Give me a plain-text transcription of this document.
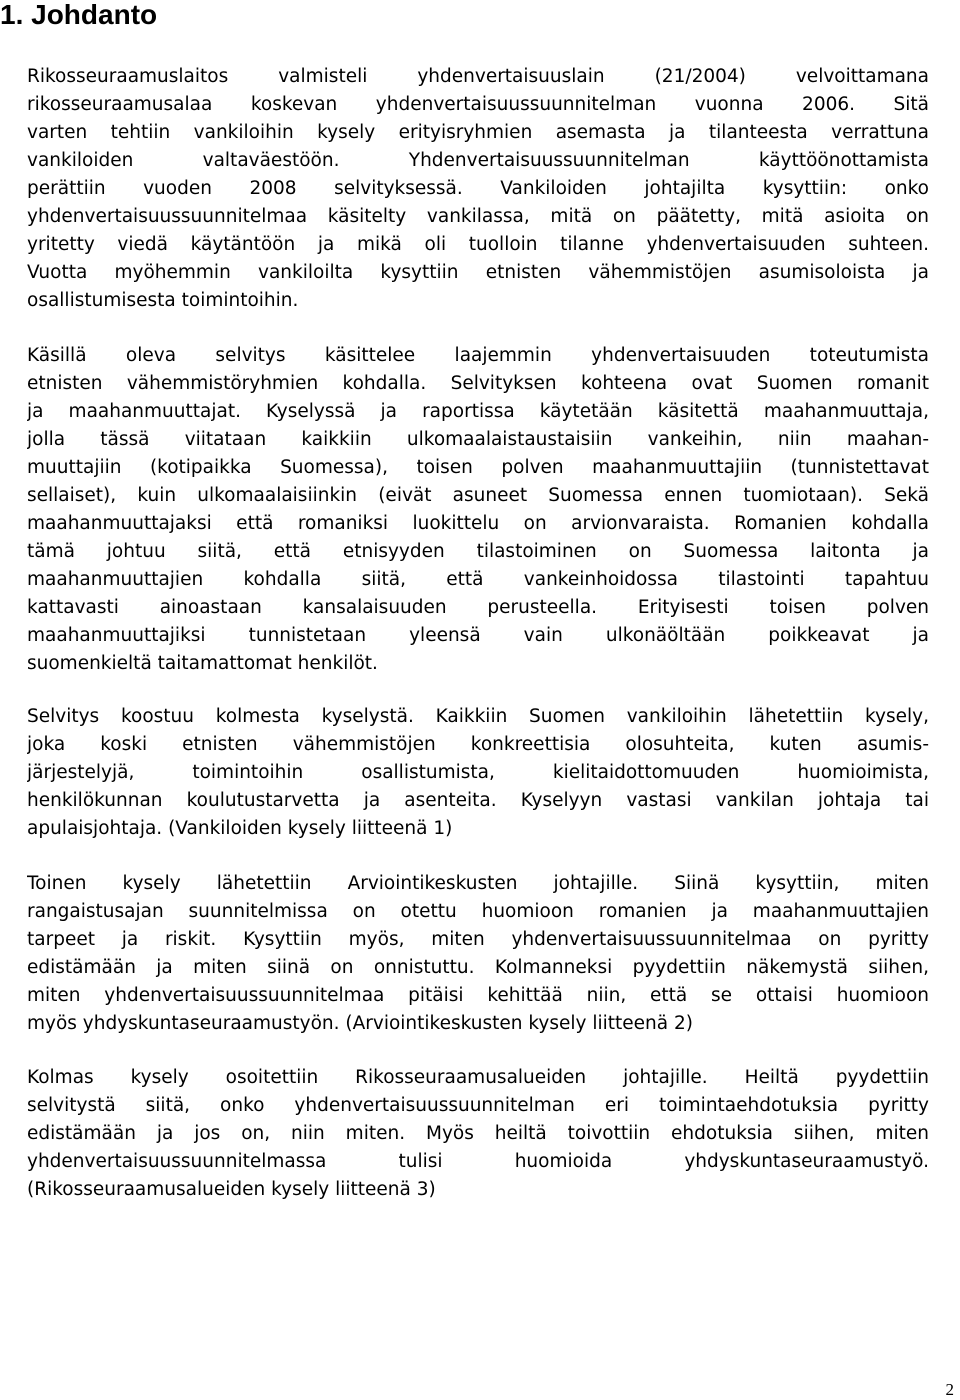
1. Johdanto
Rikosseuraamuslaitos valmisteli yhdenvertaisuuslain (21/2004) velvoittamana
rikosseuraamusalaa koskevan yhdenvertaisuussuunnitelman vuonna 2006. Sitä
varten tehtiin vankiloihin kysely erityisryhmien asemasta ja tilanteesta verrattuna
vankiloiden valtaväestöön. Yhdenvertaisuussuunnitelman käyttöönottamista
perättiin vuoden 2008 selvityksessä. Vankiloiden johtajilta kysyttiin: onko
yhdenvertaisuussuunnitelmaa käsitelty vankilassa, mitä on päätetty, mitä asioita on
yritetty viedä käytäntöön ja mikä oli tuolloin tilanne yhdenvertaisuuden suhteen.
Vuotta myöhemmin vankiloilta kysyttiin etnisten vähemmistöjen asumisoloista ja
osallistumisesta toimintoihin.
Käsillä oleva selvitys käsittelee laajemmin yhdenvertaisuuden toteutumista
etnisten vähemmistöryhmien kohdalla. Selvityksen kohteena ovat Suomen romanit
ja maahanmuuttajat. Kyselyssä ja raportissa käytetään käsitettä maahanmuuttaja,
jolla tässä viitataan kaikkiin ulkomaalaistaustaisiin vankeihin, niin maahan-
muuttajiin (kotipaikka Suomessa), toisen polven maahanmuuttajiin (tunnistettavat
sellaiset), kuin ulkomaalaisiinkin (eivät asuneet Suomessa ennen tuomiotaan). Sekä
maahanmuuttajaksi että romaniksi luokittelu on arvionvaraista. Romanien kohdalla
tämä johtuu siitä, että etnisyyden tilastoiminen on Suomessa laitonta ja
maahanmuuttajien kohdalla siitä, että vankeinhoidossa tilastointi tapahtuu
kattavasti ainoastaan kansalaisuuden perusteella. Erityisesti toisen polven
maahanmuuttajiksi tunnistetaan yleensä vain ulkonäöltään poikkeavat ja
suomenkieltä taitamattomat henkilöt.
Selvitys koostuu kolmesta kyselystä. Kaikkiin Suomen vankiloihin lähetettiin kysely,
joka koski etnisten vähemmistöjen konkreettisia olosuhteita, kuten asumis-
järjestelyjä, toimintoihin osallistumista, kielitaidottomuuden huomioimista,
henkilökunnan koulutustarvetta ja asenteita. Kyselyyn vastasi vankilan johtaja tai
apulaisjohtaja. (Vankiloiden kysely liitteenä 1)
Toinen kysely lähetettiin Arviointikeskusten johtajille. Siinä kysyttiin, miten
rangaistusajan suunnitelmissa on otettu huomioon romanien ja maahanmuuttajien
tarpeet ja riskit. Kysyttiin myös, miten yhdenvertaisuussuunnitelmaa on pyritty
edistämään ja miten siinä on onnistuttu. Kolmanneksi pyydettiin näkemystä siihen,
miten yhdenvertaisuussuunnitelmaa pitäisi kehittää niin, että se ottaisi huomioon
myös yhdyskuntaseuraamustyön. (Arviointikeskusten kysely liitteenä 2)
Kolmas kysely osoitettiin Rikosseuraamusalueiden johtajille. Heiltä pyydettiin
selvitystä siitä, onko yhdenvertaisuussuunnitelman eri toimintaehdotuksia pyritty
edistämään ja jos on, niin miten. Myös heiltä toivottiin ehdotuksia siihen, miten
yhdenvertaisuussuunnitelmassa tulisi huomioida yhdyskuntaseuraamustyö.
(Rikosseuraamusalueiden kysely liitteenä 3)
2
